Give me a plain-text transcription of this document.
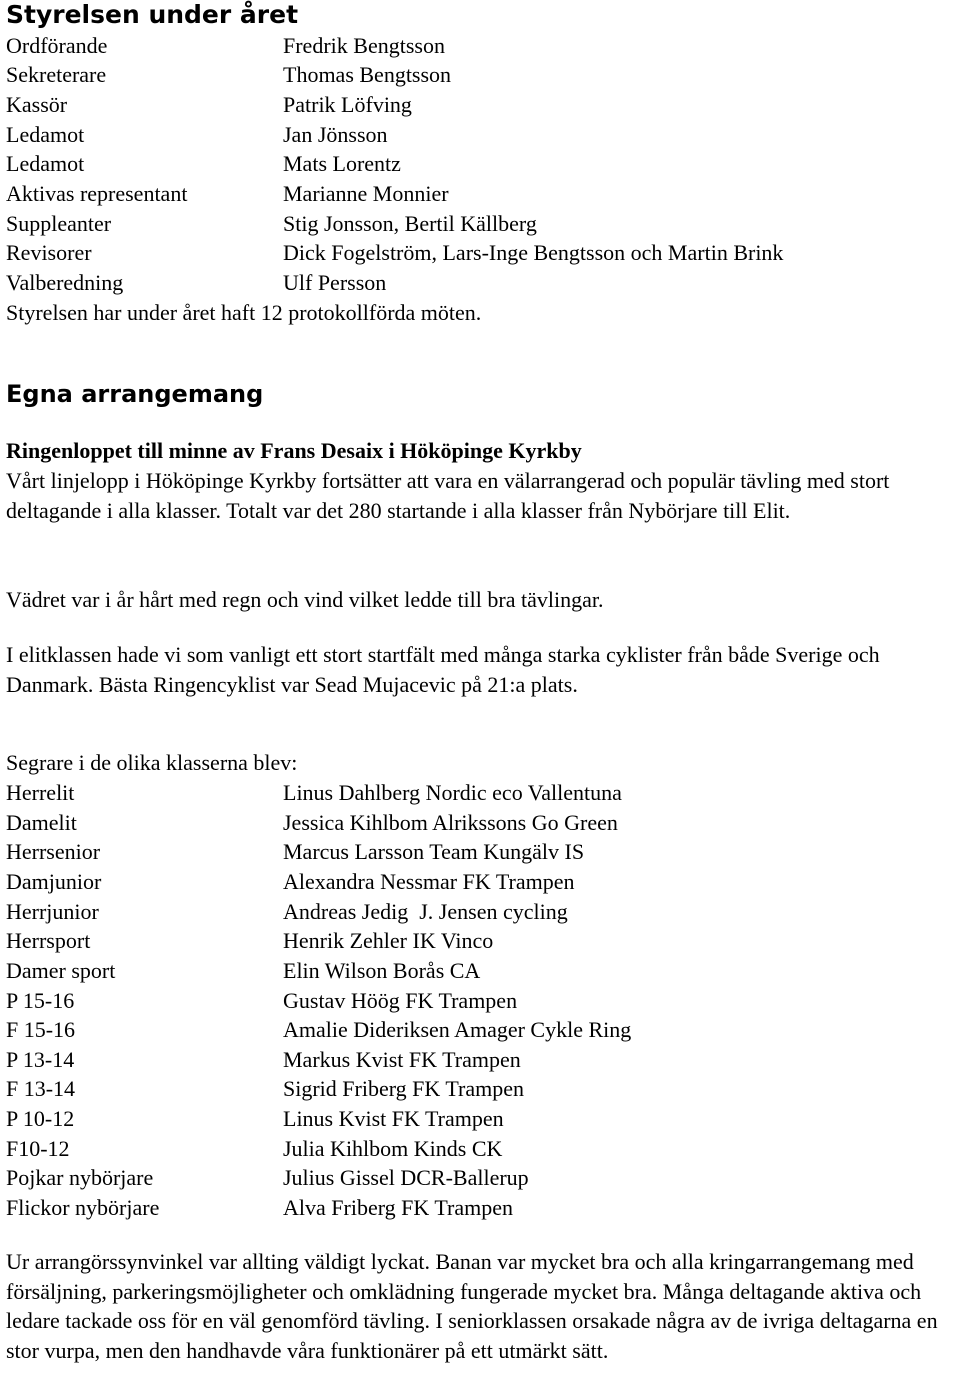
Styrelsen under året
Ordförande	Fredrik Bengtsson
Sekreterare	Thomas Bengtsson
Kassör	Patrik Löfving
Ledamot	Jan Jönsson
Ledamot	Mats Lorentz
Aktivas representant	Marianne Monnier
Suppleanter	Stig Jonsson, Bertil Källberg
Revisorer	Dick Fogelström, Lars-Inge Bengtsson och Martin Brink
Valberedning	Ulf Persson
Styrelsen har under året haft 12 protokollförda möten.
Egna arrangemang
Ringenloppet till minne av Frans Desaix i Hököpinge Kyrkby
Vårt linjelopp i Hököpinge Kyrkby fortsätter att vara en välarrangerad och populär tävling med stort deltagande i alla klasser. Totalt var det 280 startande i alla klasser från Nybörjare till Elit.
Vädret var i år hårt med regn och vind vilket ledde till bra tävlingar.
I elitklassen hade vi som vanligt ett stort startfält med många starka cyklister från både Sverige och Danmark. Bästa Ringencyklist var Sead Mujacevic på 21:a plats.
Segrare i de olika klasserna blev:
Herrelit	Linus Dahlberg Nordic eco Vallentuna
Damelit	Jessica Kihlbom Alrikssons Go Green
Herrsenior	Marcus Larsson Team Kungälv IS
Damjunior	Alexandra Nessmar FK Trampen
Herrjunior	Andreas Jedig  J. Jensen cycling
Herrsport	Henrik Zehler IK Vinco
Damer sport	Elin Wilson Borås CA
P 15-16	Gustav Höög FK Trampen
F 15-16	Amalie Dideriksen Amager Cykle Ring
P 13-14	Markus Kvist FK Trampen
F 13-14	Sigrid Friberg FK Trampen
P 10-12	Linus Kvist FK Trampen
F10-12	Julia Kihlbom Kinds CK
Pojkar nybörjare	Julius Gissel DCR-Ballerup
Flickor nybörjare	Alva Friberg FK Trampen
Ur arrangörssynvinkel var allting väldigt lyckat. Banan var mycket bra och alla kringarrangemang med försäljning, parkeringsmöjligheter och omklädning fungerade mycket bra. Många deltagande aktiva och ledare tackade oss för en väl genomförd tävling. I seniorklassen orsakade några av de ivriga deltagarna en stor vurpa, men den handhavde våra funktionärer på ett utmärkt sätt.
